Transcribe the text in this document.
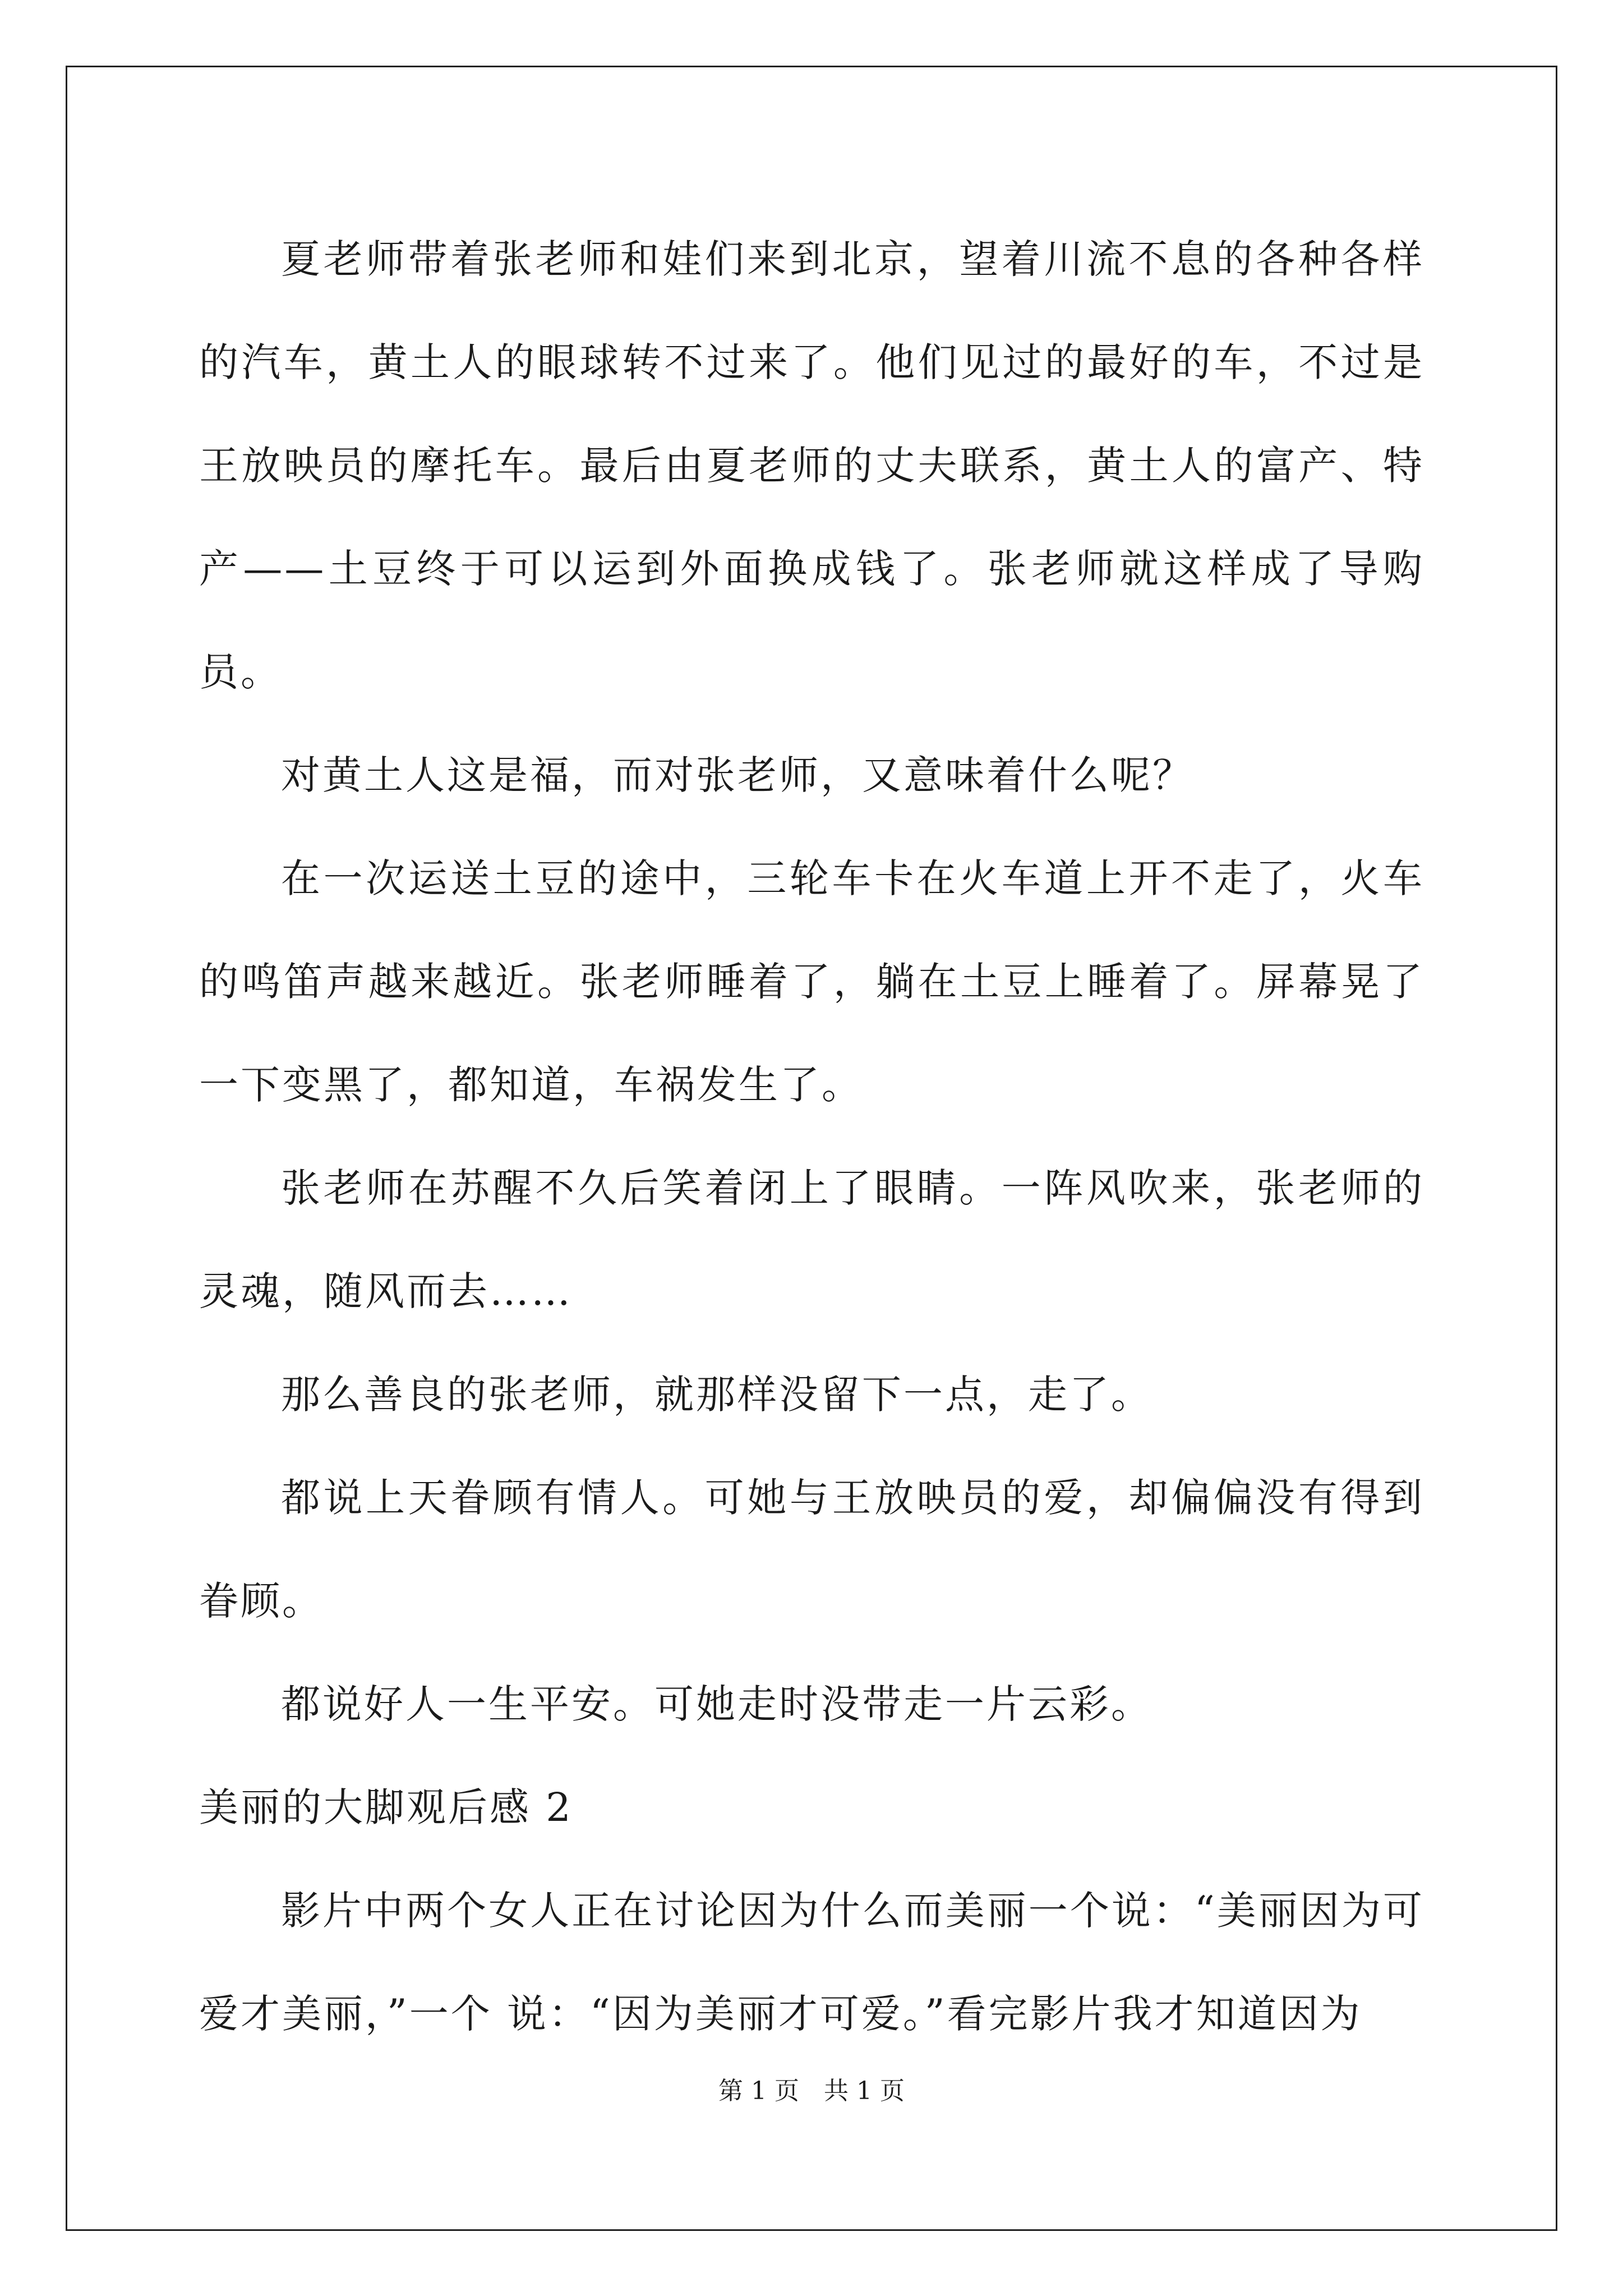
夏老师带着张老师和娃们来到北京，望着川流不息的各种各样的汽车，黄土人的眼球转不过来了。他们见过的最好的车，不过是王放映员的摩托车。最后由夏老师的丈夫联系，黄土人的富产、特产——土豆终于可以运到外面换成钱了。张老师就这样成了导购员。

对黄土人这是福，而对张老师，又意味着什么呢？

在一次运送土豆的途中，三轮车卡在火车道上开不走了，火车的鸣笛声越来越近。张老师睡着了，躺在土豆上睡着了。屏幕晃了一下变黑了，都知道，车祸发生了。

张老师在苏醒不久后笑着闭上了眼睛。一阵风吹来，张老师的灵魂，随风而去……

那么善良的张老师，就那样没留下一点，走了。

都说上天眷顾有情人。可她与王放映员的爱，却偏偏没有得到眷顾。

都说好人一生平安。可她走时没带走一片云彩。

美丽的大脚观后感 2

影片中两个女人正在讨论因为什么而美丽一个说：“美丽因为可爱才美丽，”一个 说：“因为美丽才可爱。”看完影片我才知道因为

第 1 页　共 1 页
